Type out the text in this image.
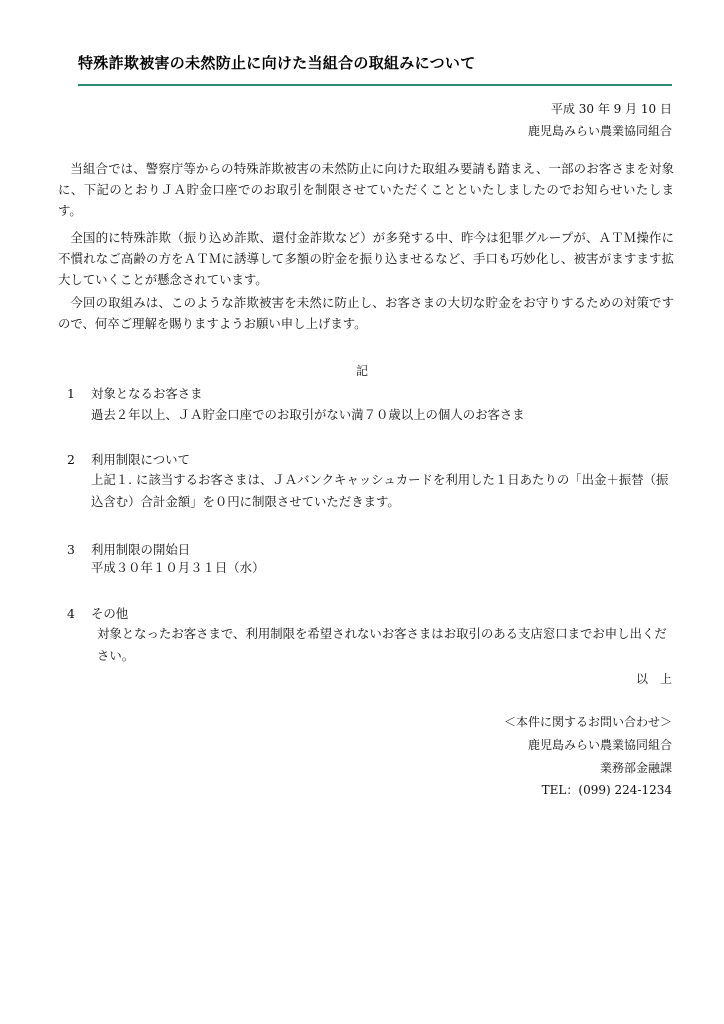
特殊詐欺被害の未然防止に向けた当組合の取組みについて
平成 30 年 9 月 10 日
鹿児島みらい農業協同組合

当組合では、警察庁等からの特殊詐欺被害の未然防止に向けた取組み要請も踏まえ、一部のお客さまを対象に、下記のとおりＪＡ貯金口座でのお取引を制限させていただくことといたしましたのでお知らせいたします。

全国的に特殊詐欺（振り込め詐欺、還付金詐欺など）が多発する中、昨今は犯罪グループが、ＡＴＭ操作に不慣れなご高齢の方をＡＴＭに誘導して多額の貯金を振り込ませるなど、手口も巧妙化し、被害がますます拡大していくことが懸念されています。

今回の取組みは、このような詐欺被害を未然に防止し、お客さまの大切な貯金をお守りするための対策ですので、何卒ご理解を賜りますようお願い申し上げます。

記
1 対象となるお客さま

過去２年以上、ＪＡ貯金口座でのお取引がない満７０歳以上の個人のお客さま

2 利用制限について

上記１. に該当するお客さまは、ＪＡバンクキャッシュカードを利用した１日あたりの「出金＋振替（振込含む）合計金額」を０円に制限させていただきます。

3 利用制限の開始日

平成３０年１０月３１日（水）

4 その他

対象となったお客さまで、利用制限を希望されないお客さまはお取引のある支店窓口までお申し出ください。

以　上
＜本件に関するお問い合わせ＞
鹿児島みらい農業協同組合
業務部金融課
TEL：(099) 224-1234
